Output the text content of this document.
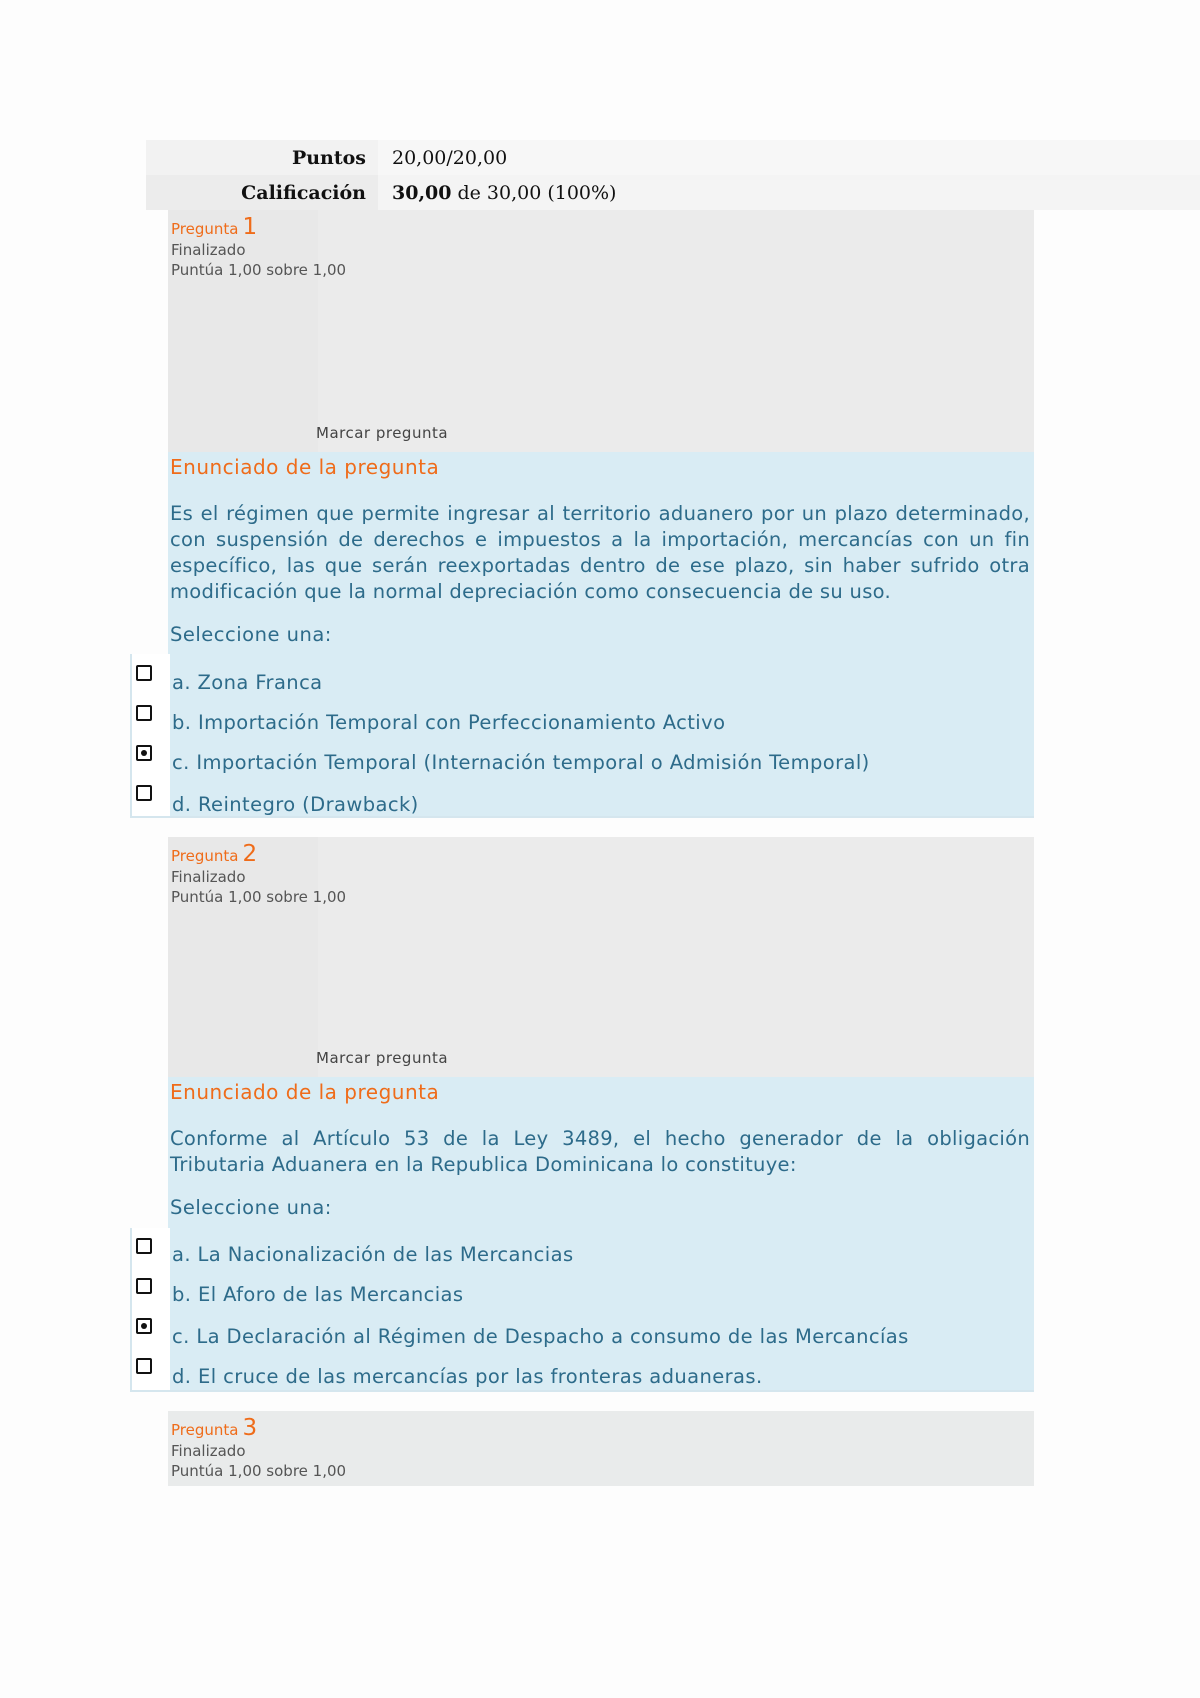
Puntos	20,00/20,00
Calificación	30,00 de 30,00 (100%)
Pregunta 1
Finalizado
Puntúa 1,00 sobre 1,00
Marcar pregunta
Enunciado de la pregunta
Es el régimen que permite ingresar al territorio aduanero por un plazo determinado, con suspensión de derechos e impuestos a la importación, mercancías con un fin específico, las que serán reexportadas dentro de ese plazo, sin haber sufrido otra modificación que la normal depreciación como consecuencia de su uso.
Seleccione una:
a. Zona Franca
b. Importación Temporal con Perfeccionamiento Activo
c. Importación Temporal (Internación temporal o Admisión Temporal)
d. Reintegro (Drawback)
Pregunta 2
Finalizado
Puntúa 1,00 sobre 1,00
Marcar pregunta
Enunciado de la pregunta
Conforme al Artículo 53 de la Ley 3489, el hecho generador de la obligación Tributaria Aduanera en la Republica Dominicana lo constituye:
Seleccione una:
a. La Nacionalización de las Mercancias
b. El Aforo de las Mercancias
c. La Declaración al Régimen de Despacho a consumo de las Mercancías
d. El cruce de las mercancías por las fronteras aduaneras.
Pregunta 3
Finalizado
Puntúa 1,00 sobre 1,00
